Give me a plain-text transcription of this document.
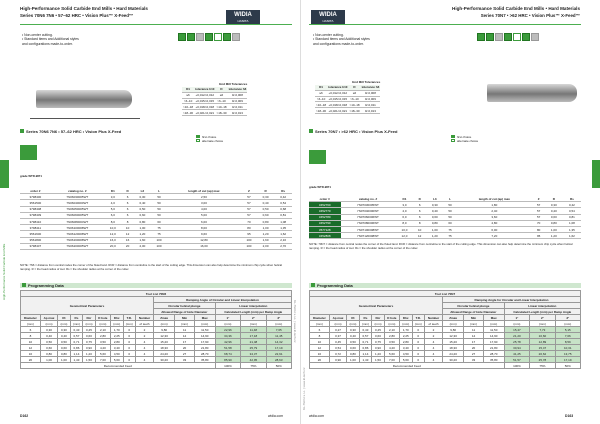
High-Performance Solid Carbide End Mills • Hard Materials
Series 70N6 7N6 • 57–62 HRC • Vision Plus™ X-Feed™	WIDIA
HANITA
• Non-center cutting.
• Standard items and Additional styles
and configurations made-to-order.
End Mill Tolerances
D1	tolerance h10	D	tolerance h6
≤6	+0,012/-0,012	≤6	0/-0,008
>6–10	+0,015/-0,015	>6–10	0/-0,009
>10–18	+0,018/-0,018	>10–18	0/-0,011
>18–30	+0,021/-0,021	>18–30	0/-0,013
Series 70N6 7N6 • 57–62 HRC • Vision Plus X-Feed
first choice
alternate choice
grade WTR-9871
order #	catalog no. #	D1	D	L3	L	length of cut (ap) max	Z	R	Rs
3798400	7N06030005WT	3,0	6	0,30	50	2,50	57	0,30	0,42
3561500	7N06040000WT	4,0	6	0,40	50	3,00	57	0,40	0,54
3798408	7N06050005WT	5,0	6	0,50	50	4,00	57	0,50	0,68
3798409	7N06060005WT	6,0	6	0,60	50	5,00	57	0,60	0,81
3798410	7N06080004WT	8,0	8	0,80	60	6,00	70	0,80	1,08
3798411	7N06100008WT	10,0	10	1,00	75	8,00	80	1,00	1,35
3561600	7N06120008WT	12,0	12	1,20	75	9,60	95	1,20	1,62
3561800	7N06160008WT	16,0	16	1,60	100	12,80	100	1,60	2,16
3798407	7N06200005WT	20,0	20	2,00	100	16,00	100	2,00	2,70
NOTE: 7N6 = distance from central nodes the corner of the fluted land. RCR = distance from centreline to the start of the cutting edge. This dimension can also help determine the minimum chip cycle when helical ramping. R = the head radius of tool. Rs = the shoulder radius at the corner of the cutter.
Programming Data
Tool List 70N6														
Geometrical Parameters									Ramping Angle of Circular and Linear Interpolation					
									Circular helical plunge			Linear interpolation		
									Allowed Range of Hole Diameter			Calculated Length (mm) per Ramp Angle		
Diameter	Ap max	Rt	Rs	Rcr	D hole	Dhc	T.D.	Number	Zmax	Min	Max	1°	2°	3°
(mm)	(mm)	(mm)	(mm)	(mm)	(mm)	(mm)	(mm)	of teeth	(mm)	(mm)	(mm)	(mm)	(mm)	(mm)
6	0,30	0,30	0,43	0,45	2,10	1,70	0	2	9,80	11	11,50	22,96	11,48	7,65
8	0,40	0,40	0,57	0,60	2,80	2,25	0	2	12,30	14	14,90	34,36	17,18	11,45
10	0,50	0,50	0,71	0,75	3,50	2,80	0	4	15,20	17	17,90	42,96	21,48	14,32
12	0,60	0,60	0,86	0,90	4,20	3,40	0	4	18,30	20	21,80	51,58	25,79	17,19
16	0,80	0,80	1,14	1,20	5,60	4,50	0	4	24,20	27	28,70	68,74	34,37	22,91
20	1,00	1,00	1,43	1,50	7,00	5,60	0	4	30,20	33	35,80	85,90	42,95	28,63
Recommended Feed												100%	75%	50%
High-Performance Solid Carbide End Mills
D162	widia.com
KL-TECH s.r.o. | www.kl-tech.cz
WIDIA
HANITA
High-Performance Solid Carbide End Mills • Hard Materials
Series 70N7 • >62 HRC • Vision Plus™ X-Feed™
• Non-center cutting.
• Standard items and Additional styles
and configurations made-to-order.
End Mill Tolerances
D1	tolerance h10	D	tolerance h6
≤6	+0,012/-0,012	≤6	0/-0,008
>6–10	+0,015/-0,015	>6–10	0/-0,009
>10–18	+0,018/-0,018	>10–18	0/-0,011
>18–30	+0,021/-0,021	>18–30	0/-0,013
Series 70N7 • >62 HRC • Vision Plus X-Feed
first choice
alternate choice
grade WTR-9871
order #	catalog no. #	D1	D	L3	L	length of cut (ap) max	Z	R	Rs
3452760	7N07030005WT	3,0	6	0,30	50	1,80	57	0,30	0,42
3452770	7N07040000WT	4,0	6	0,40	50	2,40	57	0,40	0,54
3452780	7N07060006WT	6,0	6	0,60	50	3,60	57	0,60	0,81
3452790	7N07080006WT	8,0	8	0,80	60	4,80	70	0,80	1,08
3577128	7N07100008WT	10,0	10	1,00	75	6,00	80	1,00	1,35
3452808	7N07120008WT	12,0	12	1,20	75	7,20	95	1,20	1,62
NOTE: 70N7 = distance from central nodes the corner of the fluted land. RCR = distance from centreline to the start of the cutting edge. This dimension can also help determine the minimum chip cycle when helical ramping. R = the head radius of tool. Rs = the shoulder radius at the corner of the cutter.
Programming Data
Tool List 70N7														
Geometrical Parameters									Ramping Angle for Circular and Linear Interpolation					
									Circular helical plunge			Linear interpolation		
									Allowed Range of Hole Diameter			Calculated Length (mm) per Ramp Angle		
Diameter	Ap max	Rt	Rs	Rcr	D hole	Dhc	T.D.	Number	Zmax	Min	Max	1°	2°	3°
(mm)	(mm)	(mm)	(mm)	(mm)	(mm)	(mm)	(mm)	of teeth	(mm)	(mm)	(mm)	(mm)	(mm)	(mm)
6	0,27	0,30	0,43	0,45	2,10	1,70	0	2	9,80	11	11,50	15,47	7,73	5,15
8	0,37	0,40	0,57	0,60	2,80	2,25	0	2	12,30	14	14,90	21,20	10,60	7,06
10	0,45	0,50	0,71	0,75	3,50	2,80	0	4	15,20	17	17,90	25,78	12,89	8,59
12	0,54	0,60	0,86	0,90	4,20	3,40	0	4	18,30	20	21,80	30,94	15,47	10,31
16	0,72	0,80	1,14	1,20	5,60	4,50	0	4	24,20	27	28,70	41,25	20,62	13,75
20	0,90	1,00	1,43	1,50	7,00	5,60	0	4	30,20	33	35,80	51,57	25,78	17,19
Recommended Feed												100%	75%	50%
High-Performance Solid Carbide End Mills
KL-TECH s.r.o. | www.kl-tech.cz
widia.com	D163
